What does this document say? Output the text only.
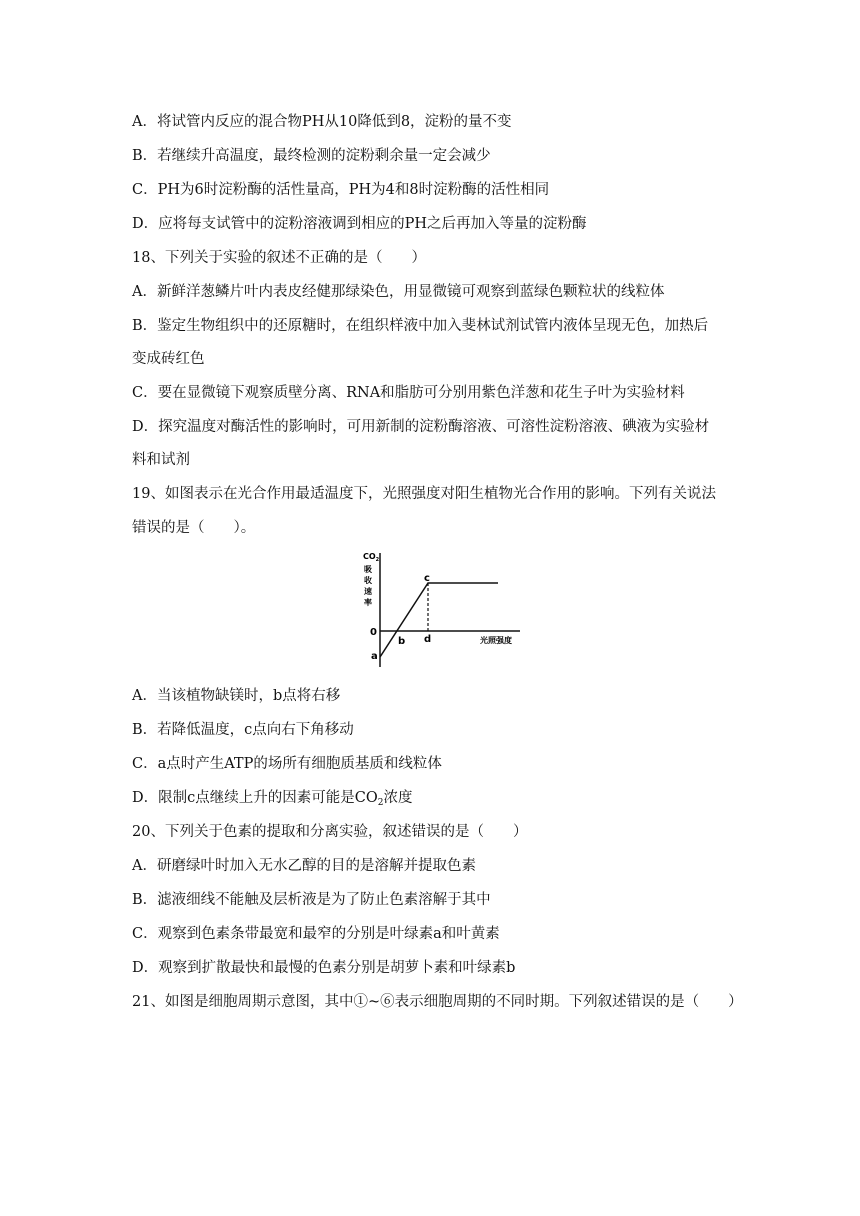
A．将试管内反应的混合物PH从10降低到8，淀粉的量不变
B．若继续升高温度，最终检测的淀粉剩余量一定会减少
C．PH为6时淀粉酶的活性量高，PH为4和8时淀粉酶的活性相同
D．应将每支试管中的淀粉溶液调到相应的PH之后再加入等量的淀粉酶
18、下列关于实验的叙述不正确的是（　　）
A．新鲜洋葱鳞片叶内表皮经健那绿染色，用显微镜可观察到蓝绿色颗粒状的线粒体
B．鉴定生物组织中的还原糖时，在组织样液中加入斐林试剂试管内液体呈现无色，加热后
变成砖红色
C．要在显微镜下观察质壁分离、RNA和脂肪可分别用紫色洋葱和花生子叶为实验材料
D．探究温度对酶活性的影响时，可用新制的淀粉酶溶液、可溶性淀粉溶液、碘液为实验材
料和试剂
19、如图表示在光合作用最适温度下，光照强度对阳生植物光合作用的影响。下列有关说法
错误的是（　　）。
$CO_2$
吸
收
速
率
0
a
b
c
d	光照强度
A．当该植物缺镁时，b点将右移
B．若降低温度，c点向右下角移动
C．a点时产生ATP的场所有细胞质基质和线粒体
D．限制c点继续上升的因素可能是$CO_2$浓度
20、下列关于色素的提取和分离实验，叙述错误的是（　　）
A．研磨绿叶时加入无水乙醇的目的是溶解并提取色素
B．滤液细线不能触及层析液是为了防止色素溶解于其中
C．观察到色素条带最宽和最窄的分别是叶绿素a和叶黄素
D．观察到扩散最快和最慢的色素分别是胡萝卜素和叶绿素b
21、如图是细胞周期示意图，其中①~⑥表示细胞周期的不同时期。下列叙述错误的是（　　）
